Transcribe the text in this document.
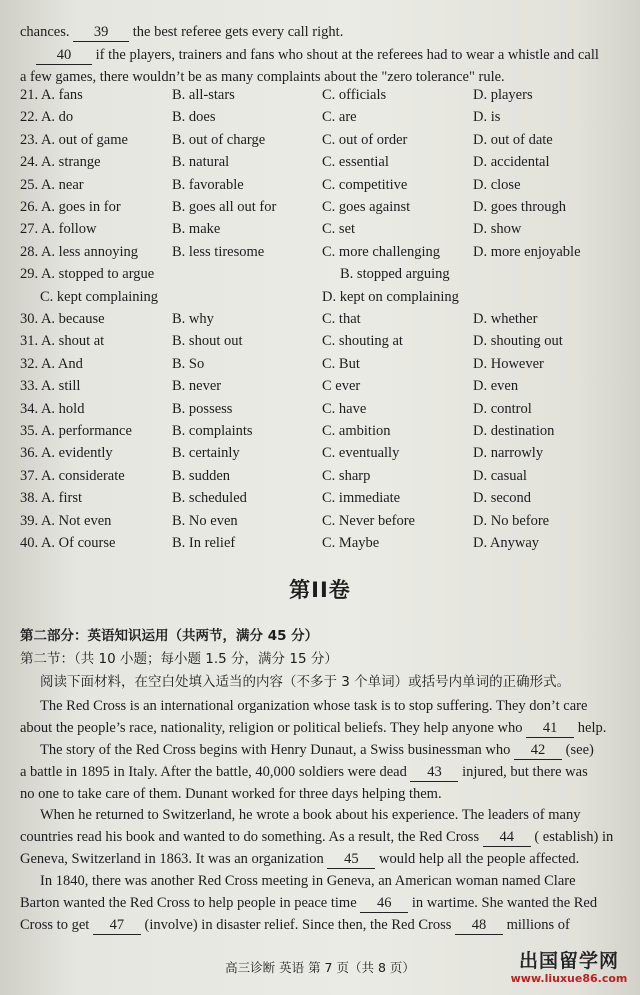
chances. 39 the best referee gets every call right.
40 if the players, trainers and fans who shout at the referees had to wear a whistle and call
a few games, there wouldn’t be as many complaints about the "zero tolerance" rule.
21. A. fans	B. all-stars	C. officials	D. players
22. A. do	B. does	C. are	D. is
23. A. out of game	B. out of charge	C. out of order	D. out of date
24. A. strange	B. natural	C. essential	D. accidental
25. A. near	B. favorable	C. competitive	D. close
26. A. goes in for	B. goes all out for	C. goes against	D. goes through
27. A. follow	B. make	C. set	D. show
28. A. less annoying B. less tiresome	C. more challenging D. more enjoyable
29. A. stopped to argue	B. stopped arguing
C. kept complaining	D. kept on complaining
30. A. because	B. why	C. that	D. whether
31. A. shout at	B. shout out	C. shouting at	D. shouting out
32. A. And	B. So	C. But	D. However
33. A. still	B. never	C ever	D. even
34. A. hold	B. possess	C. have	D. control
35. A. performance	B. complaints	C. ambition	D. destination
36. A. evidently	B. certainly	C. eventually	D. narrowly
37. A. considerate	B. sudden	C. sharp	D. casual
38. A. first	B. scheduled	C. immediate	D. second
39. A. Not even	B. No even	C. Never before	D. No before
40. A. Of course	B. In relief	C. Maybe	D. Anyway
第II卷
第二部分：英语知识运用（共两节，满分 45 分）
第二节：（共 10 小题；每小题 1.5 分，满分 15 分）
阅读下面材料，在空白处填入适当的内容（不多于 3 个单词）或括号内单词的正确形式。
The Red Cross is an international organization whose task is to stop suffering. They don’t care
about the people’s race, nationality, religion or political beliefs. They help anyone who 41 help.
The story of the Red Cross begins with Henry Dunaut, a Swiss businessman who 42 (see)
a battle in 1895 in Italy. After the battle, 40,000 soldiers were dead 43 injured, but there was
no one to take care of them. Dunant worked for three days helping them.
When he returned to Switzerland, he wrote a book about his experience. The leaders of many
countries read his book and wanted to do something. As a result, the Red Cross 44 ( establish) in
Geneva, Switzerland in 1863. It was an organization 45 would help all the people affected.
In 1840, there was another Red Cross meeting in Geneva, an American woman named Clare
Barton wanted the Red Cross to help people in peace time 46 in wartime. She wanted the Red
Cross to get 47 (involve) in disaster relief. Since then, the Red Cross 48 millions of
高三诊断 英语 第 7 页（共 8 页）	出国留学网
www.liuxue86.com
